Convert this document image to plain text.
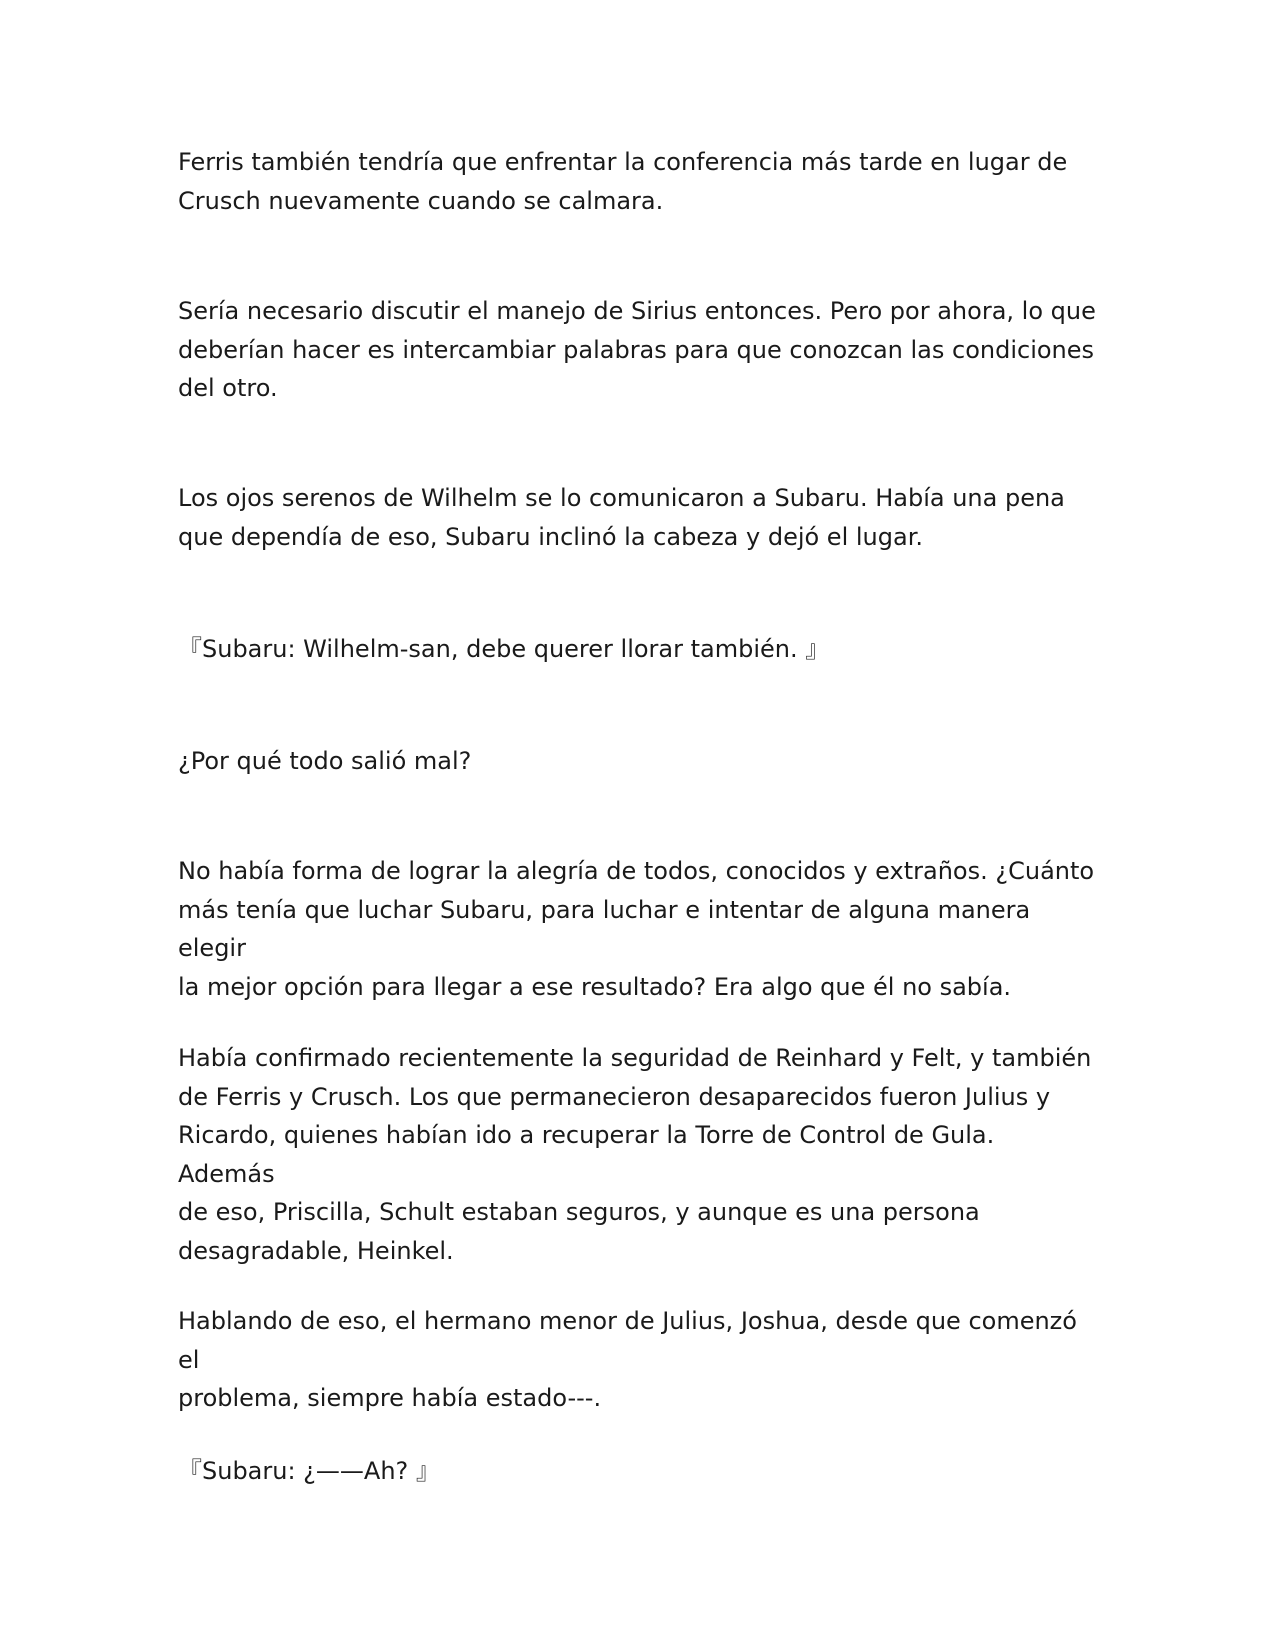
Ferris también tendría que enfrentar la conferencia más tarde en lugar de
Crusch nuevamente cuando se calmara.

Sería necesario discutir el manejo de Sirius entonces. Pero por ahora, lo que
deberían hacer es intercambiar palabras para que conozcan las condiciones
del otro.

Los ojos serenos de Wilhelm se lo comunicaron a Subaru. Había una pena
que dependía de eso, Subaru inclinó la cabeza y dejó el lugar.

『Subaru: Wilhelm-san, debe querer llorar también. 』

¿Por qué todo salió mal?

No había forma de lograr la alegría de todos, conocidos y extraños. ¿Cuánto
más tenía que luchar Subaru, para luchar e intentar de alguna manera elegir
la mejor opción para llegar a ese resultado? Era algo que él no sabía.

Había confirmado recientemente la seguridad de Reinhard y Felt, y también
de Ferris y Crusch. Los que permanecieron desaparecidos fueron Julius y
Ricardo, quienes habían ido a recuperar la Torre de Control de Gula. Además
de eso, Priscilla, Schult estaban seguros, y aunque es una persona
desagradable, Heinkel.

Hablando de eso, el hermano menor de Julius, Joshua, desde que comenzó el
problema, siempre había estado---.

『Subaru: ¿——Ah? 』
